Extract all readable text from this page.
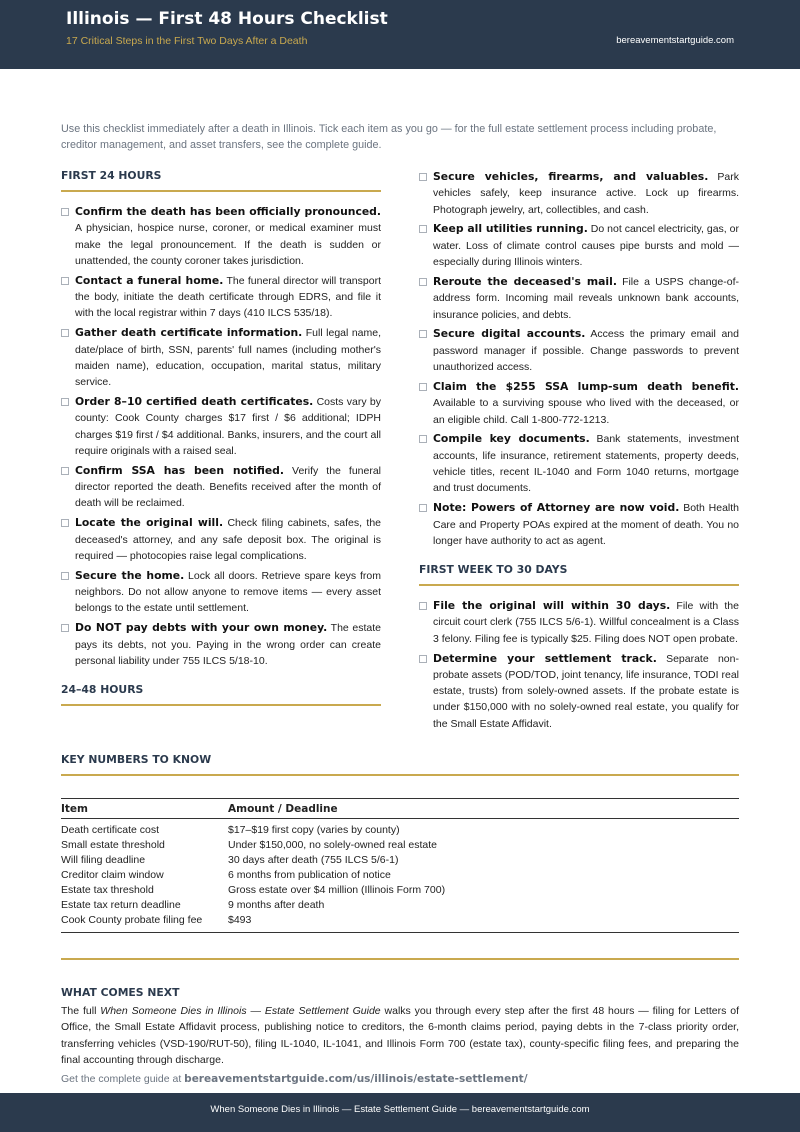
Illinois — First 48 Hours Checklist
17 Critical Steps in the First Two Days After a Death	bereavementstartguide.com
Use this checklist immediately after a death in Illinois. Tick each item as you go — for the full estate settlement process including probate, creditor management, and asset transfers, see the complete guide.
FIRST 24 HOURS
Confirm the death has been officially pronounced. A physician, hospice nurse, coroner, or medical examiner must make the legal pronouncement. If the death is sudden or unattended, the county coroner takes jurisdiction.
Contact a funeral home. The funeral director will transport the body, initiate the death certificate through EDRS, and file it with the local registrar within 7 days (410 ILCS 535/18).
Gather death certificate information. Full legal name, date/place of birth, SSN, parents' full names (including mother's maiden name), education, occupation, marital status, military service.
Order 8–10 certified death certificates. Costs vary by county: Cook County charges $17 first / $6 additional; IDPH charges $19 first / $4 additional. Banks, insurers, and the court all require originals with a raised seal.
Confirm SSA has been notified. Verify the funeral director reported the death. Benefits received after the month of death will be reclaimed.
Locate the original will. Check filing cabinets, safes, the deceased's attorney, and any safe deposit box. The original is required — photocopies raise legal complications.
Secure the home. Lock all doors. Retrieve spare keys from neighbors. Do not allow anyone to remove items — every asset belongs to the estate until settlement.
Do NOT pay debts with your own money. The estate pays its debts, not you. Paying in the wrong order can create personal liability under 755 ILCS 5/18-10.
24–48 HOURS
Secure vehicles, firearms, and valuables. Park vehicles safely, keep insurance active. Lock up firearms. Photograph jewelry, art, collectibles, and cash.
Keep all utilities running. Do not cancel electricity, gas, or water. Loss of climate control causes pipe bursts and mold — especially during Illinois winters.
Reroute the deceased's mail. File a USPS change-of-address form. Incoming mail reveals unknown bank accounts, insurance policies, and debts.
Secure digital accounts. Access the primary email and password manager if possible. Change passwords to prevent unauthorized access.
Claim the $255 SSA lump-sum death benefit. Available to a surviving spouse who lived with the deceased, or an eligible child. Call 1-800-772-1213.
Compile key documents. Bank statements, investment accounts, life insurance, retirement statements, property deeds, vehicle titles, recent IL-1040 and Form 1040 returns, mortgage and trust documents.
Note: Powers of Attorney are now void. Both Health Care and Property POAs expired at the moment of death. You no longer have authority to act as agent.
FIRST WEEK TO 30 DAYS
File the original will within 30 days. File with the circuit court clerk (755 ILCS 5/6-1). Willful concealment is a Class 3 felony. Filing fee is typically $25. Filing does NOT open probate.
Determine your settlement track. Separate non-probate assets (POD/TOD, joint tenancy, life insurance, TODI real estate, trusts) from solely-owned assets. If the probate estate is under $150,000 with no solely-owned real estate, you qualify for the Small Estate Affidavit.
KEY NUMBERS TO KNOW
Item	Amount / Deadline
Death certificate cost	$17–$19 first copy (varies by county)
Small estate threshold	Under $150,000, no solely-owned real estate
Will filing deadline	30 days after death (755 ILCS 5/6-1)
Creditor claim window	6 months from publication of notice
Estate tax threshold	Gross estate over $4 million (Illinois Form 700)
Estate tax return deadline	9 months after death
Cook County probate filing fee	$493
WHAT COMES NEXT
The full When Someone Dies in Illinois — Estate Settlement Guide walks you through every step after the first 48 hours — filing for Letters of Office, the Small Estate Affidavit process, publishing notice to creditors, the 6-month claims period, paying debts in the 7-class priority order, transferring vehicles (VSD-190/RUT-50), filing IL-1040, IL-1041, and Illinois Form 700 (estate tax), county-specific filing fees, and preparing the final accounting through discharge.
Get the complete guide at bereavementstartguide.com/us/illinois/estate-settlement/
When Someone Dies in Illinois — Estate Settlement Guide — bereavementstartguide.com
